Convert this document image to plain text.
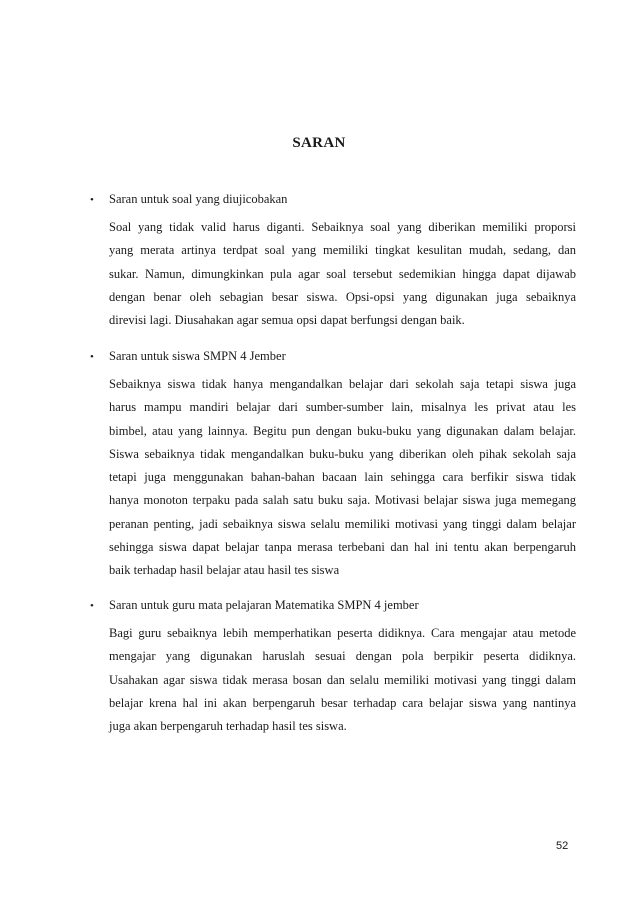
SARAN
• Saran untuk soal yang diujicobakan
Soal yang tidak valid harus diganti. Sebaiknya soal yang diberikan memiliki proporsi
yang merata artinya terdpat soal yang memiliki tingkat kesulitan mudah, sedang, dan
sukar. Namun, dimungkinkan pula agar soal tersebut sedemikian hingga dapat dijawab
dengan benar oleh sebagian besar siswa. Opsi-opsi yang digunakan juga sebaiknya
direvisi lagi. Diusahakan agar semua opsi dapat berfungsi dengan baik.
• Saran untuk siswa SMPN 4 Jember
Sebaiknya siswa tidak hanya mengandalkan belajar dari sekolah saja tetapi siswa juga
harus mampu mandiri belajar dari sumber-sumber lain, misalnya les privat atau les
bimbel, atau yang lainnya. Begitu pun dengan buku-buku yang digunakan dalam belajar.
Siswa sebaiknya tidak mengandalkan buku-buku yang diberikan oleh pihak sekolah saja
tetapi juga menggunakan bahan-bahan bacaan lain sehingga cara berfikir siswa tidak
hanya monoton terpaku pada salah satu buku saja. Motivasi belajar siswa juga memegang
peranan penting, jadi sebaiknya siswa selalu memiliki motivasi yang tinggi dalam belajar
sehingga siswa dapat belajar tanpa merasa terbebani dan hal ini tentu akan berpengaruh
baik terhadap hasil belajar atau hasil tes siswa
• Saran untuk guru mata pelajaran Matematika SMPN 4 jember
Bagi guru sebaiknya lebih memperhatikan peserta didiknya. Cara mengajar atau metode
mengajar yang digunakan haruslah sesuai dengan pola berpikir peserta didiknya.
Usahakan agar siswa tidak merasa bosan dan selalu memiliki motivasi yang tinggi dalam
belajar krena hal ini akan berpengaruh besar terhadap cara belajar siswa yang nantinya
juga akan berpengaruh terhadap hasil tes siswa.
52
